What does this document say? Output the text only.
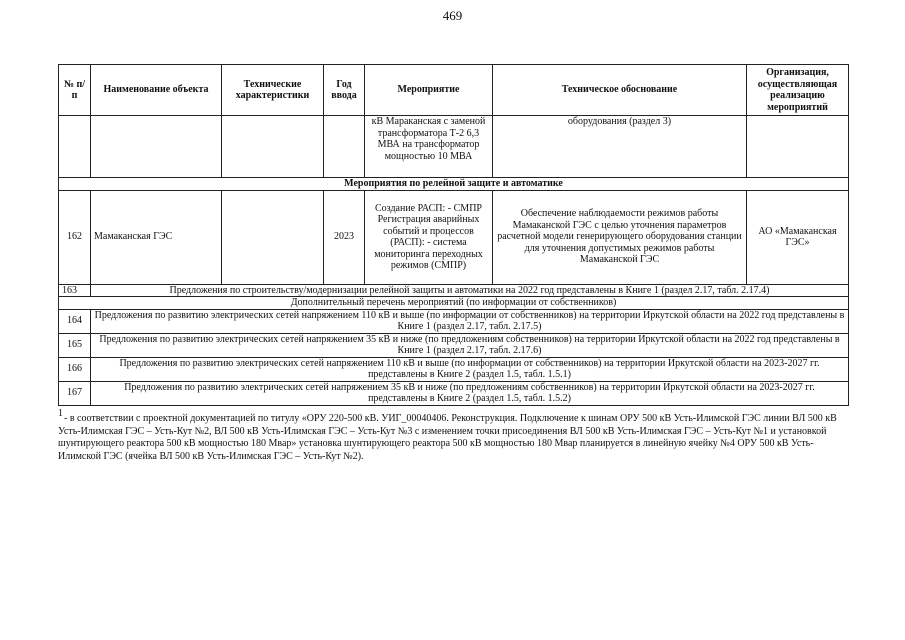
469
№ п/п	Наименование объекта	Технические характеристики	Год ввода	Мероприятие	Техническое обоснование	Организация, осуществляющая реализацию мероприятий
				кВ Мараканская с заменой трансформатора Т-2 6,3 МВА на трансформатор мощностью 10 МВА	оборудования (раздел 3)	
Мероприятия по релейной защите и автоматике						
162	Мамаканская ГЭС		2023	Создание РАСП: - СМПР Регистрация аварийных событий и процессов (РАСП): - система мониторинга переходных режимов (СМПР)	Обеспечение наблюдаемости режимов работы Мамаканской ГЭС с целью уточнения параметров расчетной модели генерирующего оборудования станции для уточнения допустимых режимов работы Мамаканской ГЭС	АО «Мамаканская ГЭС»
163	Предложения по строительству/модернизации релейной защиты и автоматики на 2022 год представлены в Книге 1 (раздел 2.17, табл. 2.17.4)					
Дополнительный перечень мероприятий (по информации от собственников)						
164	Предложения по развитию электрических сетей напряжением 110 кВ и выше (по информации от собственников) на территории Иркутской области на 2022 год представлены в Книге 1 (раздел 2.17, табл. 2.17.5)					
165	Предложения по развитию электрических сетей напряжением 35 кВ и ниже (по предложениям собственников) на территории Иркутской области на 2022 год представлены в Книге 1 (раздел 2.17, табл. 2.17.6)					
166	Предложения по развитию электрических сетей напряжением 110 кВ и выше (по информации от собственников) на территории Иркутской области на 2023-2027 гг. представлены в Книге 2 (раздел 1.5, табл. 1.5.1)					
167	Предложения по развитию электрических сетей напряжением 35 кВ и ниже (по предложениям собственников) на территории Иркутской области на 2023-2027 гг. представлены в Книге 2 (раздел 1.5, табл. 1.5.2)					
1 - в соответствии с проектной документацией по титулу «ОРУ 220-500 кВ. УИГ_00040406. Реконструкция. Подключение к шинам ОРУ 500 кВ Усть-Илимской ГЭС линии ВЛ 500 кВ Усть-Илимская ГЭС – Усть-Кут №2, ВЛ 500 кВ Усть-Илимская ГЭС – Усть-Кут №3 с изменением точки присоединения ВЛ 500 кВ Усть-Илимская ГЭС – Усть-Кут №1 и установкой шунтирующего реактора 500 кВ мощностью 180 Мвар» установка шунтирующего реактора 500 кВ мощностью 180 Мвар планируется в линейную ячейку №4 ОРУ 500 кВ Усть-Илимской ГЭС (ячейка ВЛ 500 кВ Усть-Илимская ГЭС – Усть-Кут №2).
